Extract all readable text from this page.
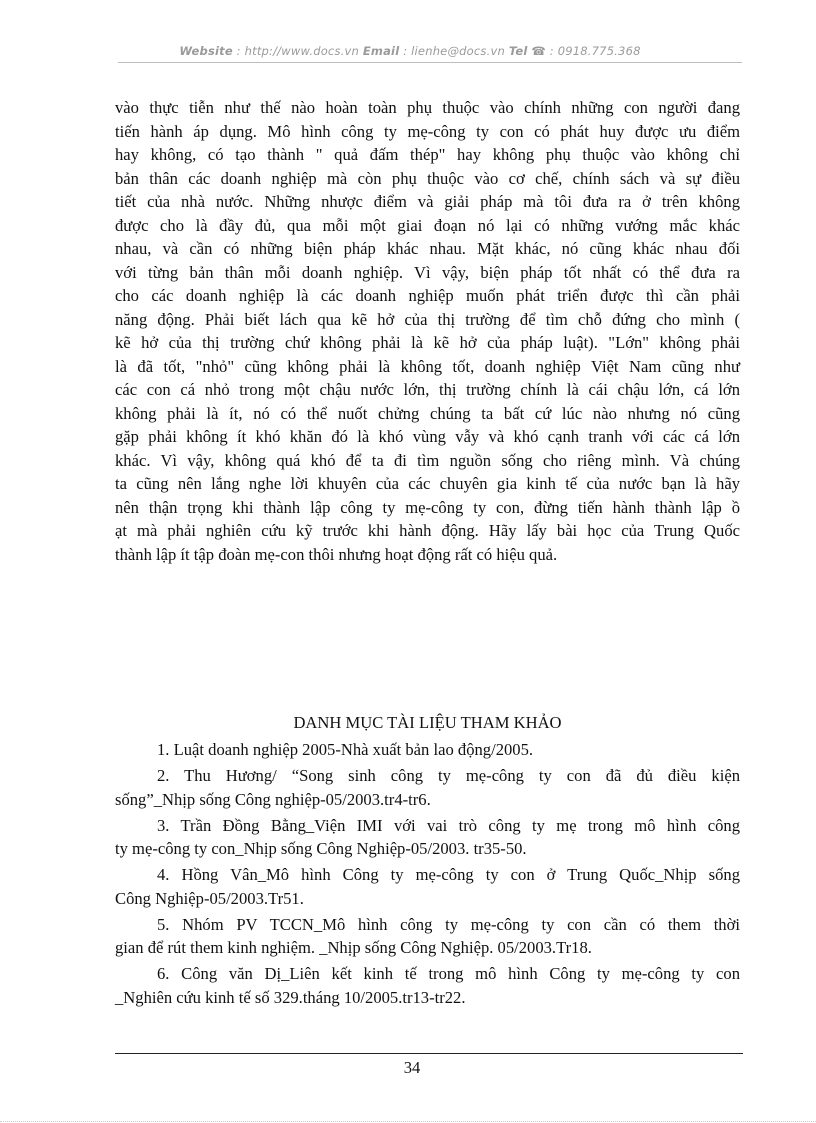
Website : http://www.docs.vn Email : lienhe@docs.vn Tel ☎ : 0918.775.368
vào thực tiễn như thế nào hoàn toàn phụ thuộc vào chính những con người đang
tiến hành áp dụng. Mô hình công ty mẹ-công ty con có phát huy được ưu điểm
hay không, có tạo thành " quả đấm thép" hay không phụ thuộc vào không chỉ
bản thân các doanh nghiệp mà còn phụ thuộc vào cơ chế, chính sách và sự điều
tiết của nhà nước. Những nhược điểm và giải pháp mà tôi đưa ra ở trên không
được cho là đầy đủ, qua mỗi một giai đoạn nó lại có những vướng mắc khác
nhau, và cần có những biện pháp khác nhau. Mặt khác, nó cũng khác nhau đối
với từng bản thân mỗi doanh nghiệp. Vì vậy, biện pháp tốt nhất có thể đưa ra
cho các doanh nghiệp là các doanh nghiệp muốn phát triển được thì cần phải
năng động. Phải biết lách qua kẽ hở của thị trường để tìm chỗ đứng cho mình (
kẽ hở của thị trường chứ không phải là kẽ hở của pháp luật). "Lớn" không phải
là đã tốt, "nhỏ" cũng không phải là không tốt, doanh nghiệp Việt Nam cũng như
các con cá nhỏ trong một chậu nước lớn, thị trường chính là cái chậu lớn, cá lớn
không phải là ít, nó có thể nuốt chửng chúng ta bất cứ lúc nào nhưng nó cũng
gặp phải không ít khó khăn đó là khó vùng vẫy và khó cạnh tranh với các cá lớn
khác. Vì vậy, không quá khó để ta đi tìm nguồn sống cho riêng mình. Và chúng
ta cũng nên lắng nghe lời khuyên của các chuyên gia kinh tế của nước bạn là hãy
nên thận trọng khi thành lập công ty mẹ-công ty con, đừng tiến hành thành lập ồ
ạt mà phải nghiên cứu kỹ trước khi hành động. Hãy lấy bài học của Trung Quốc
thành lập ít tập đoàn mẹ-con thôi nhưng hoạt động rất có hiệu quả.
DANH MỤC TÀI LIỆU THAM KHẢO
1. Luật doanh nghiệp 2005-Nhà xuất bản lao động/2005.
2. Thu Hương/ “Song sinh công ty mẹ-công ty con đã đủ điều kiện
sống”_Nhịp sống Công nghiệp-05/2003.tr4-tr6.
3. Trần Đồng Bằng_Viện IMI với vai trò công ty mẹ trong mô hình công
ty mẹ-công ty con_Nhịp sống Công Nghiệp-05/2003. tr35-50.
4. Hồng Vân_Mô hình Công ty mẹ-công ty con ở Trung Quốc_Nhịp sống
Công Nghiệp-05/2003.Tr51.
5. Nhóm PV TCCN_Mô hình công ty mẹ-công ty con cần có them thời
gian để rút them kinh nghiệm. _Nhịp sống Công Nghiệp. 05/2003.Tr18.
6. Công văn Dị_Liên kết kinh tế trong mô hình Công ty mẹ-công ty con
_Nghiên cứu kinh tế số 329.tháng 10/2005.tr13-tr22.
34
